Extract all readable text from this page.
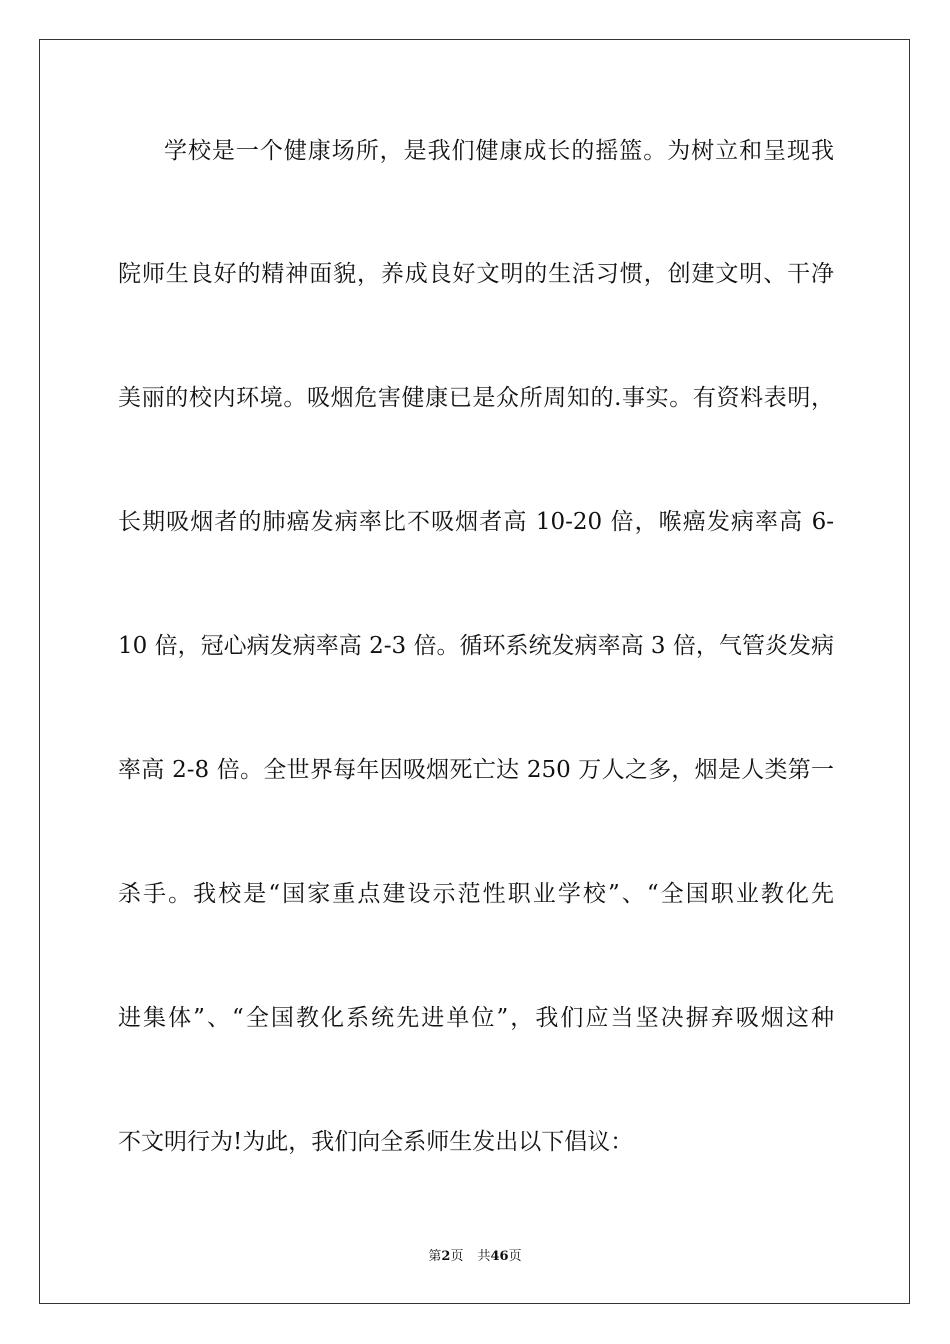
学校是一个健康场所，是我们健康成长的摇篮。为树立和呈现我
院师生良好的精神面貌，养成良好文明的生活习惯，创建文明、干净
美丽的校内环境。吸烟危害健康已是众所周知的.事实。有资料表明，
长期吸烟者的肺癌发病率比不吸烟者高 10-20 倍，喉癌发病率高 6-
10 倍，冠心病发病率高 2-3 倍。循环系统发病率高 3 倍，气管炎发病
率高 2-8 倍。全世界每年因吸烟死亡达 250 万人之多，烟是人类第一
杀手。我校是“国家重点建设示范性职业学校”、“全国职业教化先
进集体”、“全国教化系统先进单位”，我们应当坚决摒弃吸烟这种
不文明行为!为此，我们向全系师生发出以下倡议：
第2页 共46页
